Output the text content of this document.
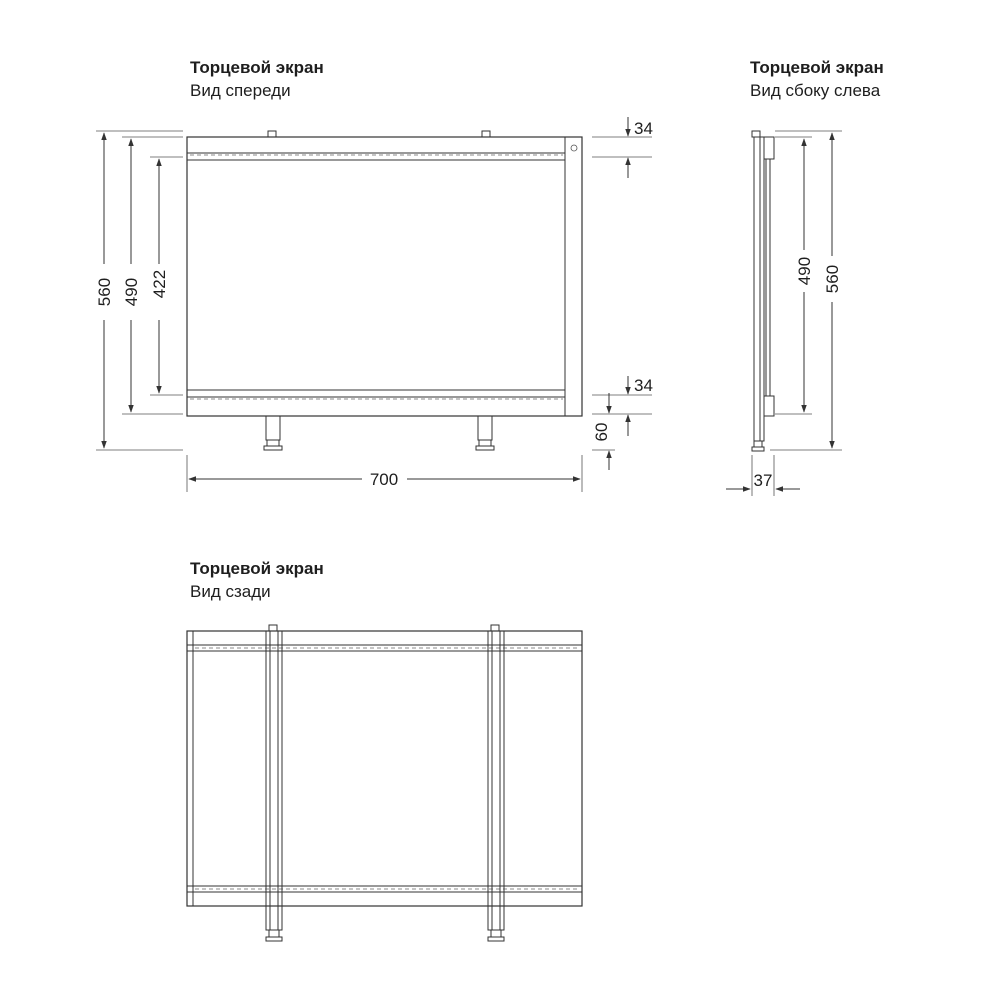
Торцевой экран
Вид спереди
560 490 422
34
34
60
700
Торцевой экран
Вид сбоку слева
490 560
37
Торцевой экран
Вид сзади
